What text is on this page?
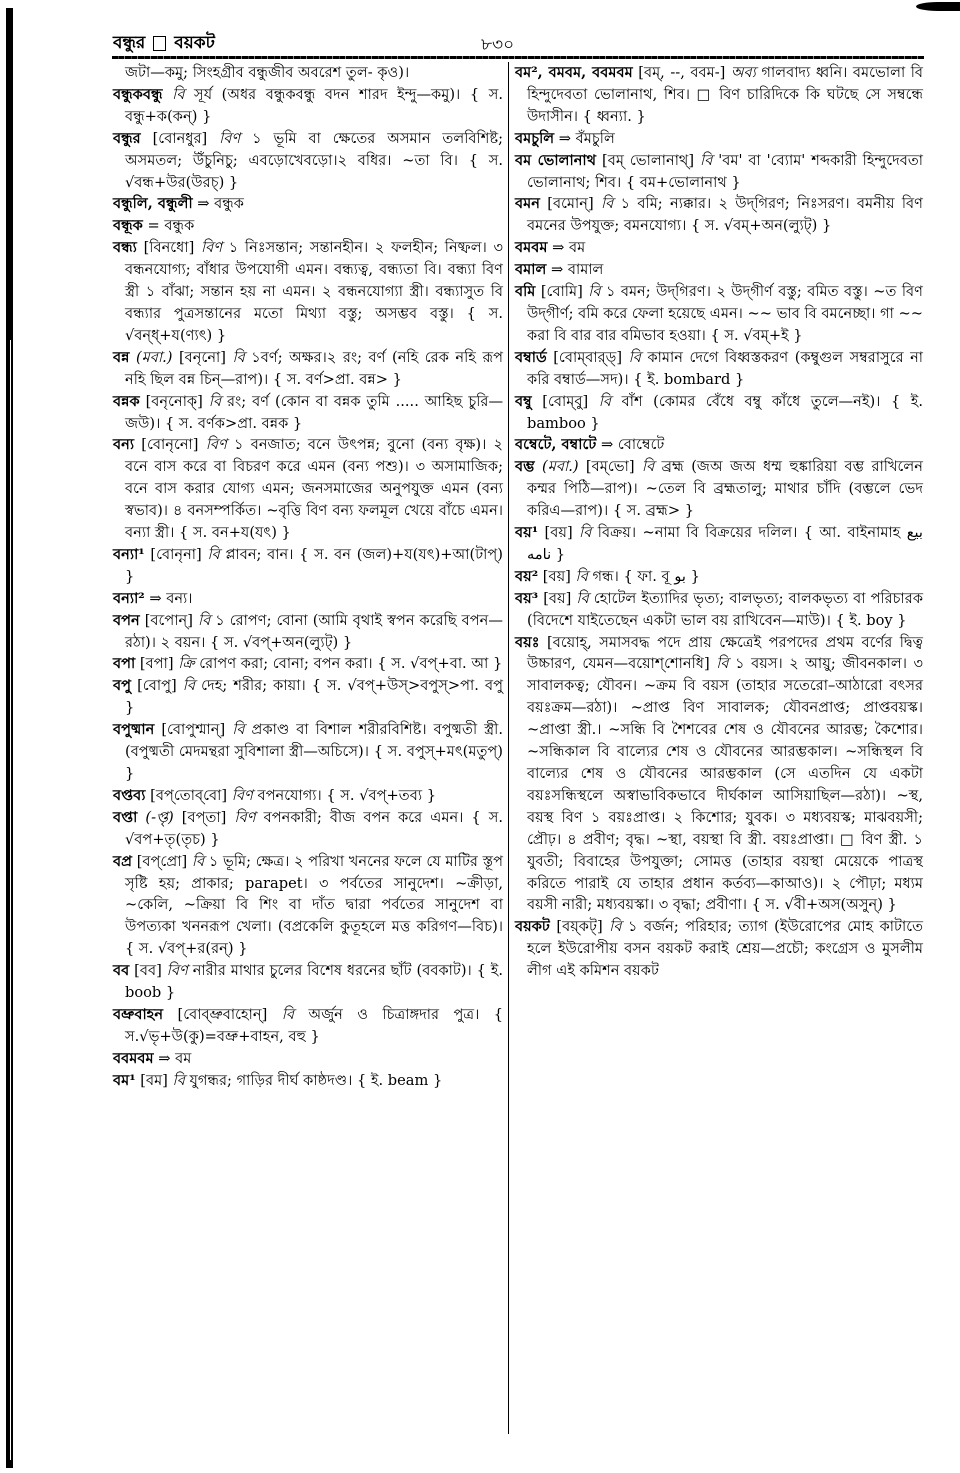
বন্ধুর বয়কট	৮৩০

জটা—কমু; সিংহগ্রীব বন্ধুজীব অবরেশ তুল- কৃও)।

বন্ধুকবন্ধু বি সূর্য (অধর বন্ধুকবন্ধু বদন শারদ ইন্দু—কমু)। { স. বন্ধু+ক(কন্) }

বন্ধুর [বোনধুর] বিণ ১ ভূমি বা ক্ষেতের অসমান তলবিশিষ্ট; অসমতল; উঁচুনিচু; এবড়োখেবড়ো।২ বধির। ~তা বি। { স. √বন্ধ+উর(উরচ্) }

বন্ধুলি, বন্ধুলী ⇒ বন্ধুক

বন্ধূক = বন্ধুক

বন্ধ্য [বিনধো] বিণ ১ নিঃসন্তান; সন্তানহীন। ২ ফলহীন; নিষ্ফল। ৩ বন্ধনযোগ্য; বাঁধার উপযোগী এমন। বন্ধ্যত্ব, বন্ধ্যতা বি। বন্ধ্যা বিণ স্ত্রী ১ বাঁঝা; সন্তান হয় না এমন। ২ বন্ধনযোগ্যা স্ত্রী। বন্ধ্যাসুত বি বন্ধ্যার পুত্রসন্তানের মতো মিথ্যা বস্তু; অসম্ভব বস্তু। { স. √বন্ধ্+য(ণ্যৎ) }

বন্ন (মবা.) [বনৃনো] বি ১বর্ণ; অক্ষর।২ রং; বর্ণ (নহি রেক নহি রূপ নহি ছিল বন্ন চিন্—রাপ)। { স. বর্ণ>প্রা. বন্ন> }

বন্নক [বনৃনোক্] বি রং; বর্ণ (কোন বা বন্নক তুমি ..... আহিছ চুরি—জউ)। { স. বর্ণক>প্রা. বন্নক }

বন্য [বোনৃনো] বিণ ১ বনজাত; বনে উৎপন্ন; বুনো (বন্য বৃক্ষ)। ২ বনে বাস করে বা বিচরণ করে এমন (বন্য পশু)। ৩ অসামাজিক; বনে বাস করার যোগ্য এমন; জনসমাজের অনুপযুক্ত এমন (বন্য স্বভাব)। ৪ বনসম্পর্কিত। ~বৃত্তি বিণ বন্য ফলমূল খেয়ে বাঁচে এমন। বন্যা স্ত্রী। { স. বন+য(যৎ) }

বন্যা¹ [বোনৃনা] বি প্লাবন; বান। { স. বন (জল)+য(যৎ)+আ(টাপ্) }

বন্যা² ⇒ বন্য।

বপন [বপোন্] বি ১ রোপণ; বোনা (আমি বৃথাই স্বপন করেছি বপন—রঠা)। ২ বয়ন। { স. √বপ্+অন(ল্যুট্) }

বপা [বপা] ক্রি রোপণ করা; বোনা; বপন করা। { স. √বপ্+বা. আ }

বপু [বোপু] বি দেহ; শরীর; কায়া। { স. √বপ্+উস্>বপুস্>পা. বপু }

বপুষ্মান [বোপুশ্মান্] বি প্রকাণ্ড বা বিশাল শরীরবিশিষ্ট। বপুষ্মতী স্ত্রী. (বপুষ্মতী মেদমন্থরা সুবিশালা স্ত্রী—অচিসে)। { স. বপুস্+মৎ(মতুপ্) }

বপ্তব্য [বপ্‌তোব্‌বো] বিণ বপনযোগ্য। { স. √বপ্+তব্য }

বপ্তা (-প্তৃ) [বপ্‌তা] বিণ বপনকারী; বীজ বপন করে এমন। { স. √বপ+তৃ(তৃচ) }

বপ্র [বপ্‌প্রো] বি ১ ভূমি; ক্ষেত্র। ২ পরিখা খননের ফলে যে মাটির স্তূপ সৃষ্টি হয়; প্রাকার; parapet। ৩ পর্বতের সানুদেশ। ~ক্রীড়া, ~কেলি, ~ক্রিয়া বি শিং বা দাঁত দ্বারা পর্বতের সানুদেশ বা উপত্যকা খননরূপ খেলা। (বপ্রকেলি কুতূহলে মত্ত করিগণ—বিচ)। { স. √বপ্+র(রন্) }

বব [বব] বিণ নারীর মাথার চুলের বিশেষ ধরনের ছাঁট (ববকাট)। { ই. boob }

বভ্রুবাহন [বোব্‌ভ্রুবাহোন্] বি অর্জুন ও চিত্রাঙ্গদার পুত্র। { স.√ভৃ+উ(কু)=বভ্রু+বাহন, বহু }

ববমবম ⇒ বম

বম¹ [বম] বি যুগন্ধর; গাড়ির দীর্ঘ কাষ্ঠদণ্ড। { ই. beam }

বম², বমবম, ববমবম [বম্, --, ববম-] অব্য গালবাদ্য ধ্বনি। বমভোলা বি হিন্দুদেবতা ভোলানাথ, শিব। □ বিণ চারিদিকে কি ঘটছে সে সম্বন্ধে উদাসীন। { ধ্বন্যা. }

বমচুলি ⇒ বঁমচুলি

বম ভোলানাথ [বম্ ভোলানাথ্] বি 'বম' বা 'ব্যোম' শব্দকারী হিন্দুদেবতা ভোলানাথ; শিব। { বম+ভোলানাথ }

বমন [বমোন্] বি ১ বমি; ন্যক্কার। ২ উদ্‌গিরণ; নিঃসরণ। বমনীয় বিণ বমনের উপযুক্ত; বমনযোগ্য। { স. √বম্+অন(ল্যুট্) }

বমবম ⇒ বম

বমাল ⇒ বামাল

বমি [বোমি] বি ১ বমন; উদ্‌গিরণ। ২ উদ্‌গীর্ণ বস্তু; বমিত বস্তু। ~ত বিণ উদ্‌গীর্ণ; বমি করে ফেলা হয়েছে এমন। ~~ ভাব বি বমনেচ্ছা। গা ~~ করা বি বার বার বমিভাব হওয়া। { স. √বম্+ই }

বম্বার্ড [বোম্‌বার্‌ড্] বি কামান দেগে বিধ্বস্তকরণ (কম্বুগুল সম্বরাসুরে না করি বম্বার্ড—সদ)। { ই. bombard }

বম্বু [বোম্‌বু] বি বাঁশ (কোমর বেঁধে বম্বু কাঁধে তুলে—নই)। { ই. bamboo }

বম্বেটে, বম্বাটে ⇒ বোম্বেটে

বম্ভ (মবা.) [বম্‌ভো] বি ব্রহ্ম (জঅ জঅ ধম্ম হুঙ্কারিয়া বম্ভ রাখিলেন কম্মর পিঠি—রাপ)। ~তেল বি ব্রহ্মতালু; মাথার চাঁদি (বম্ভলে ভেদ করিএ—রাপ)। { স. ব্রহ্ম> }

বয়¹ [বয়] বি বিক্রয়। ~নামা বি বিক্রয়ের দলিল। { আ. বাইনামাহ بیع نامه }

বয়² [বয়] বি গন্ধ। { ফা. বূ بو }

বয়³ [বয়] বি হোটেল ইত্যাদির ভৃত্য; বালভৃত্য; বালকভৃত্য বা পরিচারক (বিদেশে যাইতেছেন একটা ভাল বয় রাখিবেন—মাউ)। { ই. boy }

বয়ঃ [বয়োহ্, সমাসবদ্ধ পদে প্রায় ক্ষেত্রেই পরপদের প্রথম বর্ণের দ্বিত্ব উচ্চারণ, যেমন—বয়োশ্‌শোনধি] বি ১ বয়স। ২ আয়ু; জীবনকাল। ৩ সাবালকত্ব; যৌবন। ~ক্রম বি বয়স (তাহার সতেরো–আঠারো বৎসর বয়ঃক্রম—রঠা)। ~প্রাপ্ত বিণ সাবালক; যৌবনপ্রাপ্ত; প্রাপ্তবয়স্ক। ~প্রাপ্তা স্ত্রী.। ~সন্ধি বি শৈশবের শেষ ও যৌবনের আরম্ভ; কৈশোর। ~সন্ধিকাল বি বাল্যের শেষ ও যৌবনের আরম্ভকাল। ~সন্ধিস্থল বি বাল্যের শেষ ও যৌবনের আরম্ভকাল (সে এতদিন যে একটা বয়ঃসন্ধিস্থলে অস্বাভাবিকভাবে দীর্ঘকাল আসিয়াছিল—রঠা)। ~স্থ, বয়স্থ বিণ ১ বয়ঃপ্রাপ্ত। ২ কিশোর; যুবক। ৩ মধ্যবয়স্ক; মাঝবয়সী; প্রৌঢ়। ৪ প্রবীণ; বৃদ্ধ। ~স্থা, বয়স্থা বি স্ত্রী. বয়ঃপ্রাপ্তা। □ বিণ স্ত্রী. ১ যুবতী; বিবাহের উপযুক্তা; সোমত্ত (তাহার বয়স্থা মেয়েকে পাত্রস্থ করিতে পারাই যে তাহার প্রধান কর্তব্য—কাআও)। ২ পৌঢ়া; মধ্যম বয়সী নারী; মধ্যবয়স্কা। ৩ বৃদ্ধা; প্রবীণা। { স. √বী+অস(অসুন্) }

বয়কট [বয়্‌কট্] বি ১ বর্জন; পরিহার; ত্যাগ (ইউরোপের মোহ কাটাতে হলে ইউরোপীয় বসন বয়কট করাই শ্রেয়—প্রচৌ; কংগ্রেস ও মুসলীম লীগ এই কমিশন বয়কট
